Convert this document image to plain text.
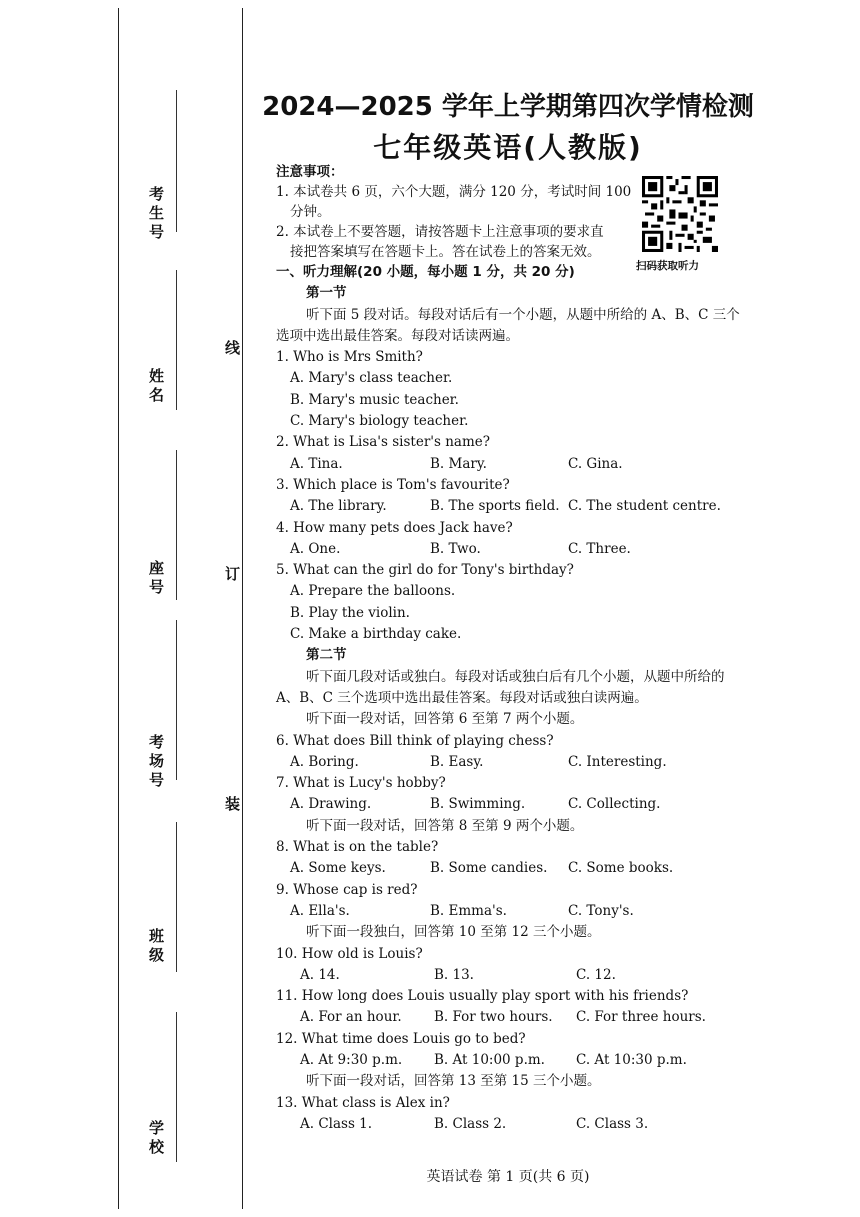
考生号
姓名
座号
考场号
班级
学校
线
订
装
2024—2025 学年上学期第四次学情检测
七年级英语(人教版)

注意事项：

1. 本试卷共 6 页，六个大题，满分 120 分，考试时间 100

分钟。

2. 本试卷上不要答题，请按答题卡上注意事项的要求直

接把答案填写在答题卡上。答在试卷上的答案无效。

扫码获取听力

一、听力理解(20 小题，每小题 1 分，共 20 分)

第一节

听下面 5 段对话。每段对话后有一个小题，从题中所给的 A、B、C 三个选项中选出最佳答案。每段对话读两遍。

1. Who is Mrs Smith?

A. Mary's class teacher.

B. Mary's music teacher.

C. Mary's biology teacher.

2. What is Lisa's sister's name?

A. Tina.	B. Mary.	C. Gina.

3. Which place is Tom's favourite?

A. The library.	B. The sports field. C. The student centre.

4. How many pets does Jack have?

A. One.	B. Two.	C. Three.

5. What can the girl do for Tony's birthday?

A. Prepare the balloons.

B. Play the violin.

C. Make a birthday cake.

第二节

听下面几段对话或独白。每段对话或独白后有几个小题，从题中所给的 A、B、C 三个选项中选出最佳答案。每段对话或独白读两遍。

听下面一段对话，回答第 6 至第 7 两个小题。

6. What does Bill think of playing chess?

A. Boring.	B. Easy.	C. Interesting.

7. What is Lucy's hobby?

A. Drawing.	B. Swimming.	C. Collecting.

听下面一段对话，回答第 8 至第 9 两个小题。

8. What is on the table?

A. Some keys.	B. Some candies.	C. Some books.

9. Whose cap is red?

A. Ella's.	B. Emma's.	C. Tony's.

听下面一段独白，回答第 10 至第 12 三个小题。

10. How old is Louis?

A. 14.	B. 13.	C. 12.

11. How long does Louis usually play sport with his friends?

A. For an hour.	B. For two hours.	C. For three hours.

12. What time does Louis go to bed?

A. At 9:30 p.m.	B. At 10:00 p.m.	C. At 10:30 p.m.

听下面一段对话，回答第 13 至第 15 三个小题。

13. What class is Alex in?

A. Class 1.	B. Class 2.	C. Class 3.

英语试卷 第 1 页(共 6 页)
